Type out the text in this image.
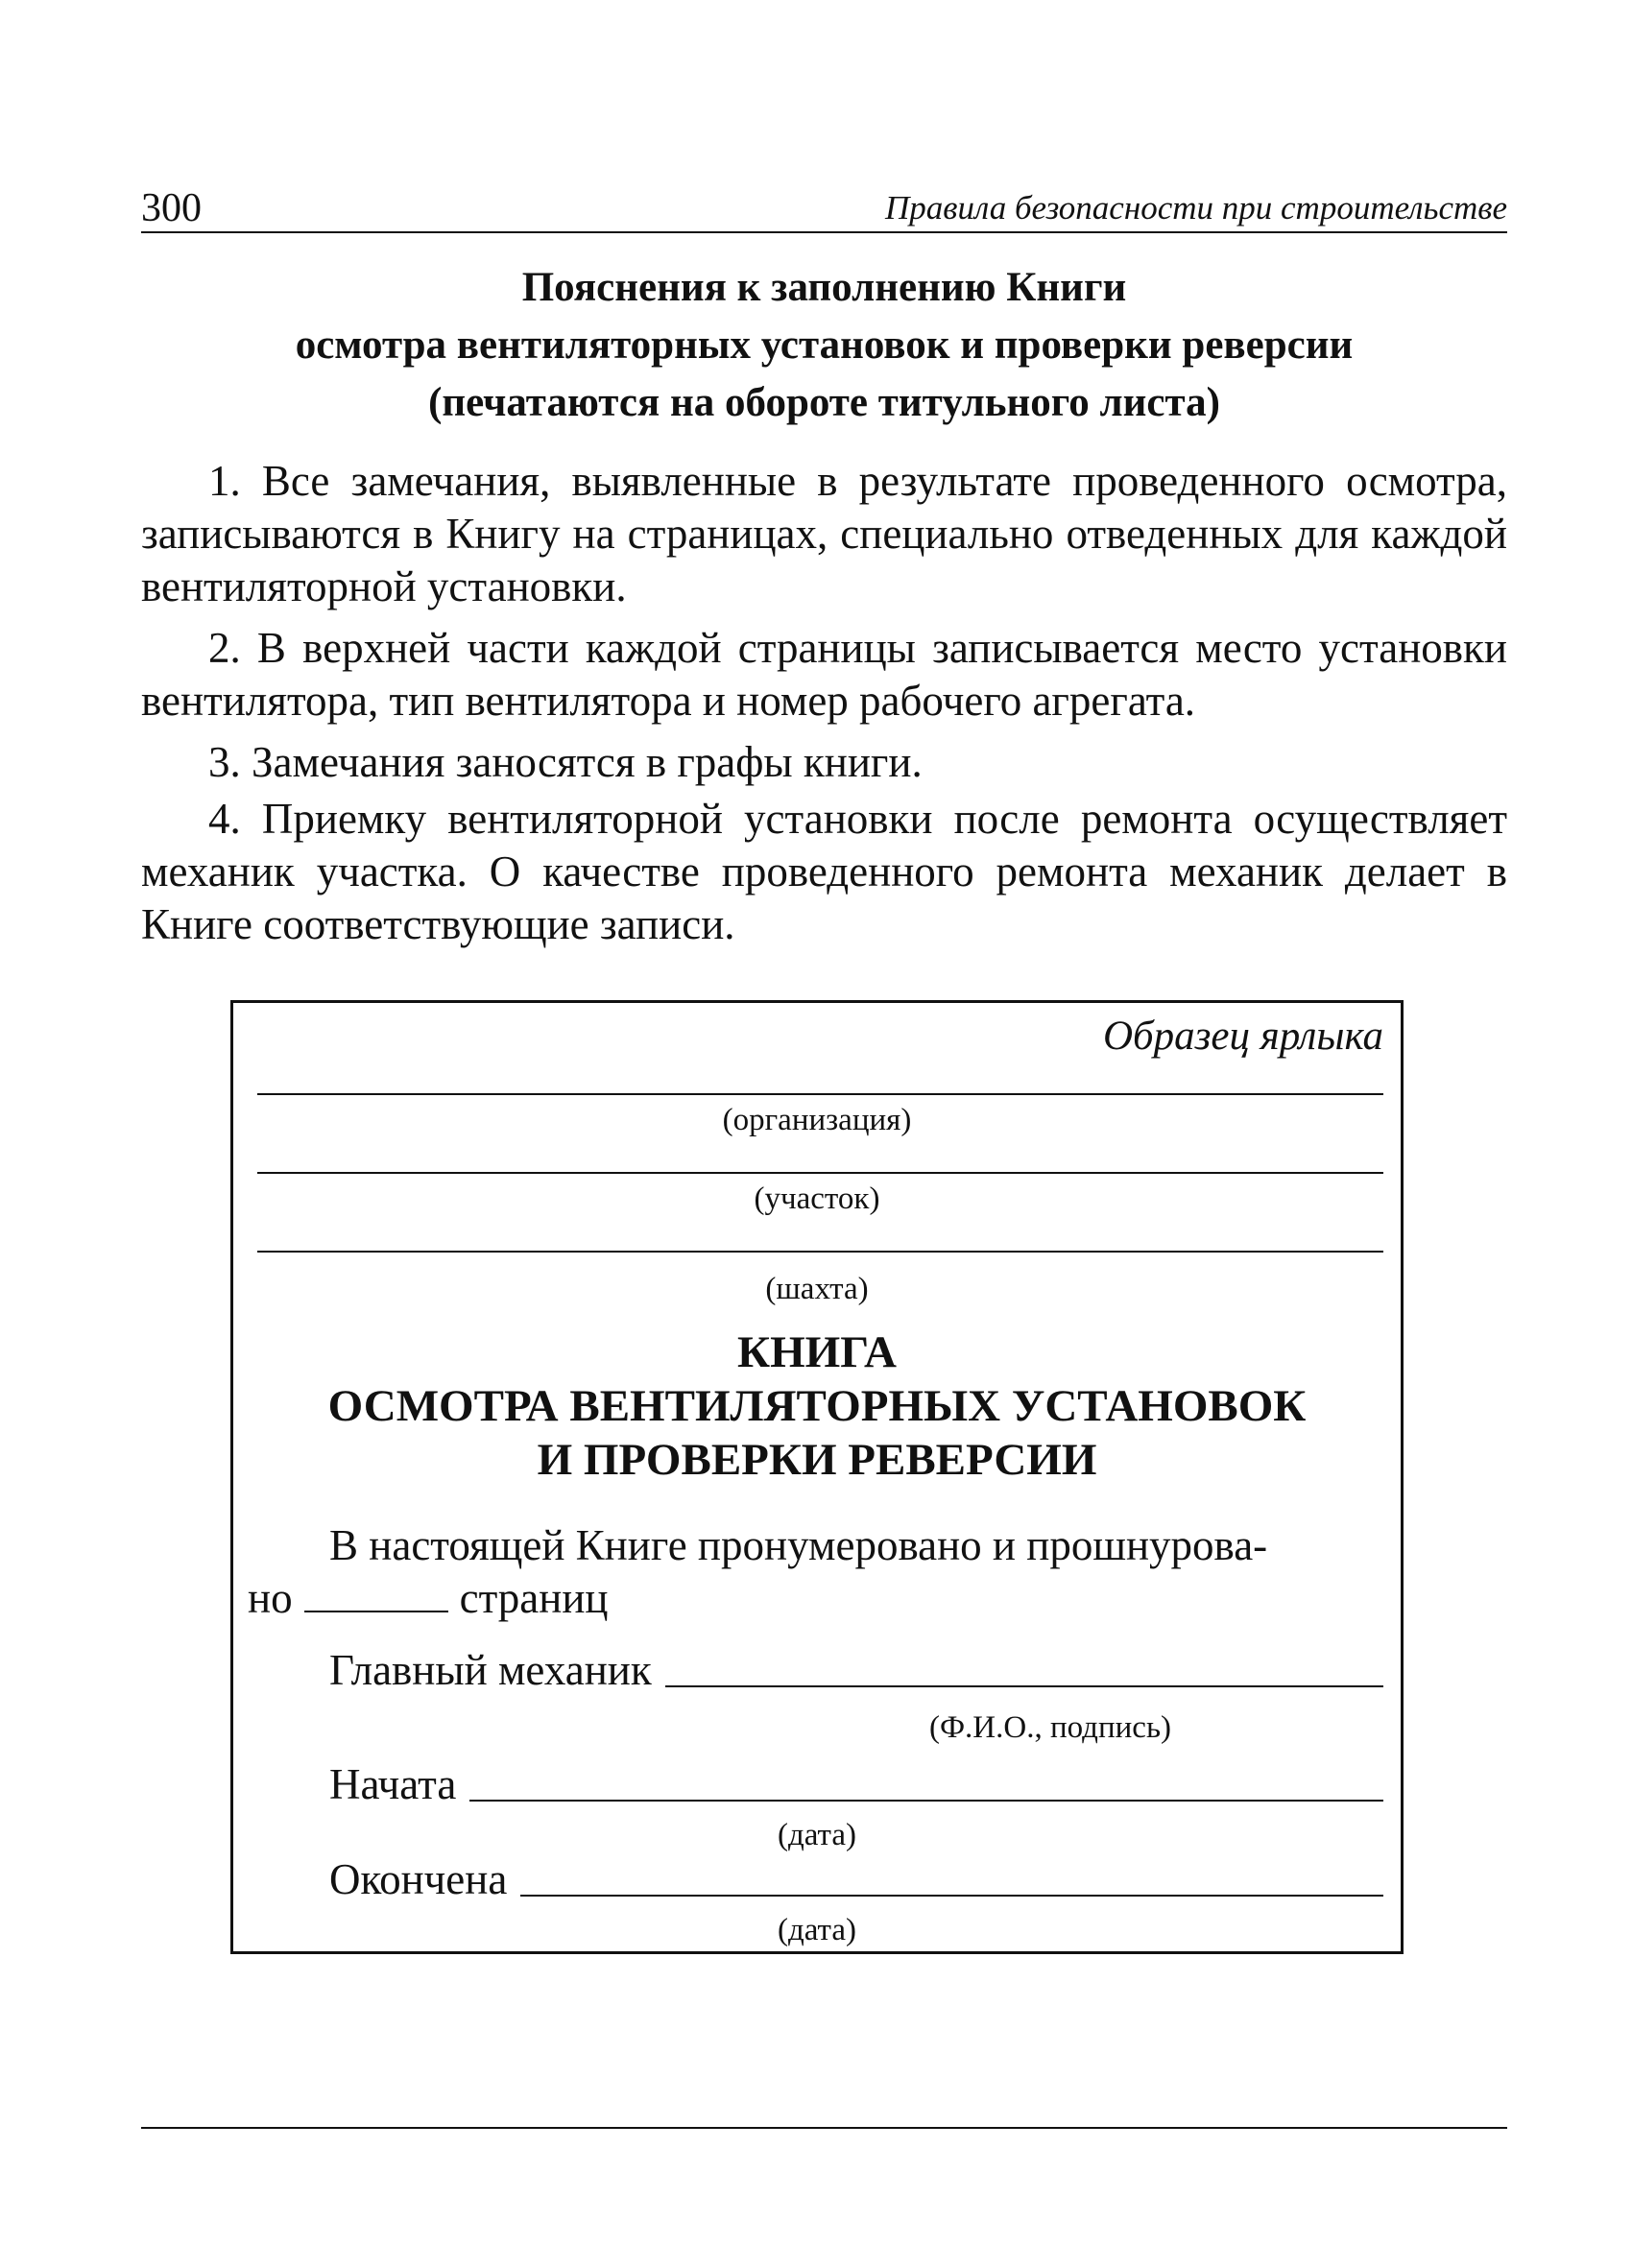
300	Правила безопасности при строительстве
Пояснения к заполнению Книги
осмотра вентиляторных установок и проверки реверсии
(печатаются на обороте титульного листа)
1. Все замечания, выявленные в результате проведенного осмотра, записываются в Книгу на страницах, специально отведенных для каждой вентиляторной установки.
2. В верхней части каждой страницы записывается место установки вентилятора, тип вентилятора и номер рабочего агрегата.
3. Замечания заносятся в графы книги.
4. Приемку вентиляторной установки после ремонта осуществляет механик участка. О качестве проведенного ремонта механик делает в Книге соответствующие записи.
Образец ярлыка
(организация)
(участок)
(шахта)
КНИГА
ОСМОТРА ВЕНТИЛЯТОРНЫХ УСТАНОВОК
И ПРОВЕРКИ РЕВЕРСИИ
В настоящей Книге пронумеровано и прошнурова-
но	страниц
Главный механик
(Ф.И.О., подпись)
Начата
(дата)
Окончена
(дата)
